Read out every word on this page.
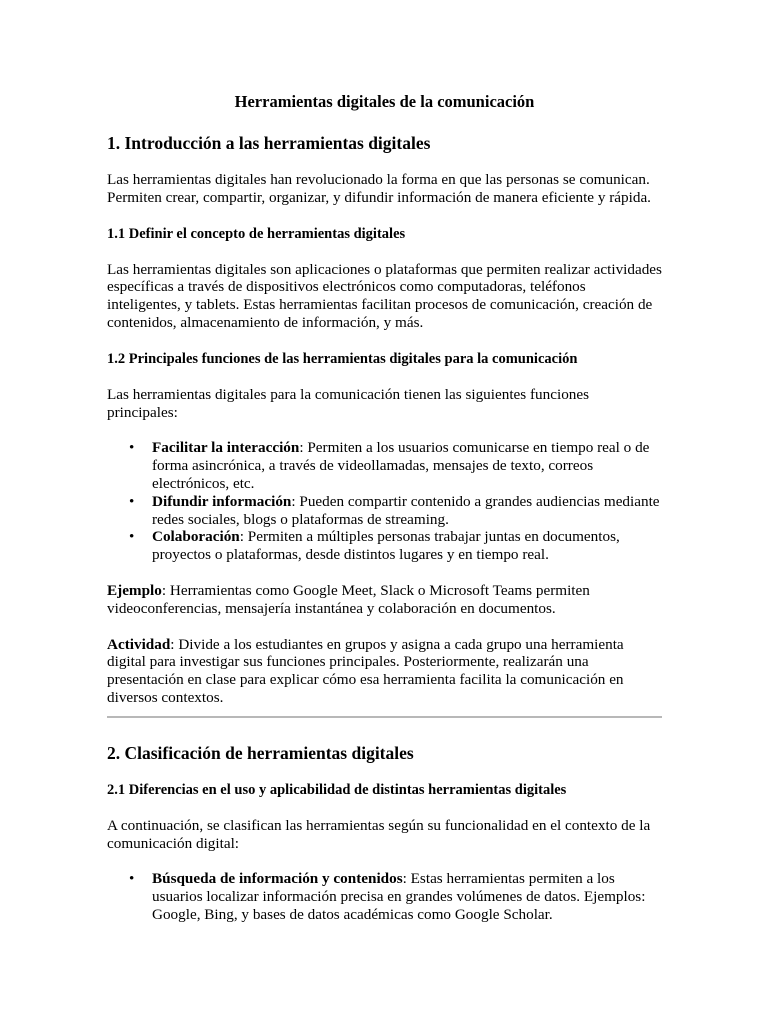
Herramientas digitales de la comunicación
1. Introducción a las herramientas digitales

Las herramientas digitales han revolucionado la forma en que las personas se comunican. Permiten crear, compartir, organizar, y difundir información de manera eficiente y rápida.

1.1 Definir el concepto de herramientas digitales

Las herramientas digitales son aplicaciones o plataformas que permiten realizar actividades específicas a través de dispositivos electrónicos como computadoras, teléfonos inteligentes, y tablets. Estas herramientas facilitan procesos de comunicación, creación de contenidos, almacenamiento de información, y más.

1.2 Principales funciones de las herramientas digitales para la comunicación

Las herramientas digitales para la comunicación tienen las siguientes funciones principales:

• Facilitar la interacción: Permiten a los usuarios comunicarse en tiempo real o de forma asincrónica, a través de videollamadas, mensajes de texto, correos electrónicos, etc.
• Difundir información: Pueden compartir contenido a grandes audiencias mediante redes sociales, blogs o plataformas de streaming.
• Colaboración: Permiten a múltiples personas trabajar juntas en documentos, proyectos o plataformas, desde distintos lugares y en tiempo real.

Ejemplo: Herramientas como Google Meet, Slack o Microsoft Teams permiten videoconferencias, mensajería instantánea y colaboración en documentos.

Actividad: Divide a los estudiantes en grupos y asigna a cada grupo una herramienta digital para investigar sus funciones principales. Posteriormente, realizarán una presentación en clase para explicar cómo esa herramienta facilita la comunicación en diversos contextos.

2. Clasificación de herramientas digitales
2.1 Diferencias en el uso y aplicabilidad de distintas herramientas digitales

A continuación, se clasifican las herramientas según su funcionalidad en el contexto de la comunicación digital:

• Búsqueda de información y contenidos: Estas herramientas permiten a los usuarios localizar información precisa en grandes volúmenes de datos. Ejemplos: Google, Bing, y bases de datos académicas como Google Scholar.
